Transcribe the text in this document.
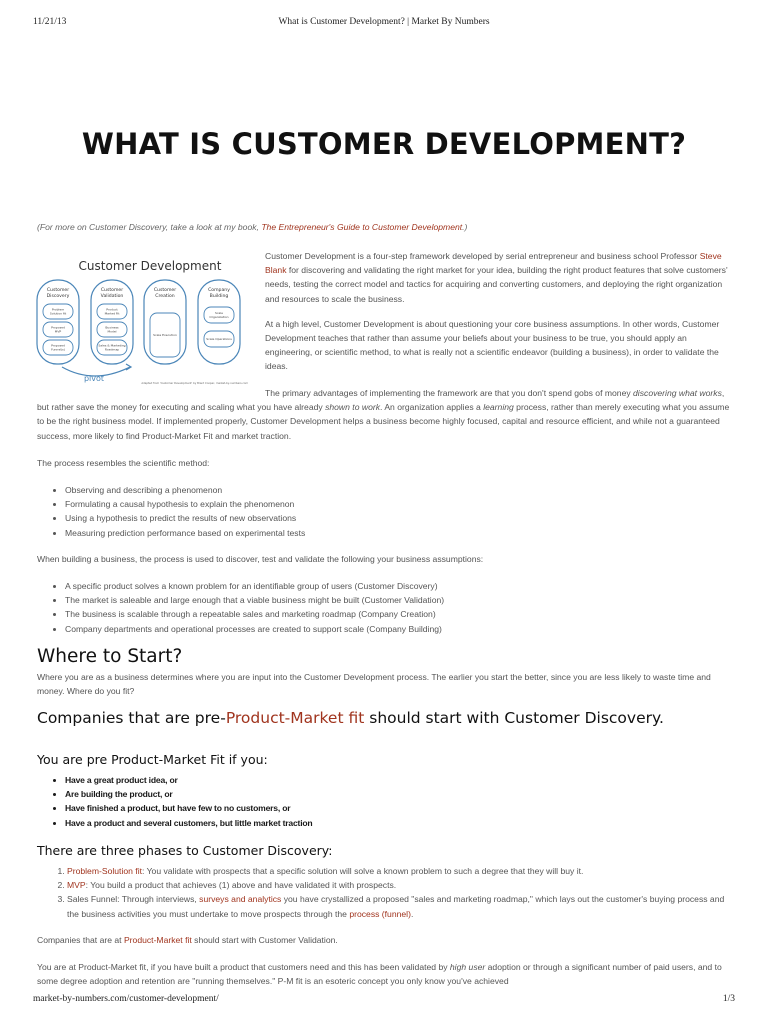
11/21/13	What is Customer Development? | Market By Numbers
WHAT IS CUSTOMER DEVELOPMENT?
(For more on Customer Discovery, take a look at my book, The Entrepreneur's Guide to Customer Development.)
Customer Development
Customer
Discovery
Problem
Solution fit
Proposed
MVP
Proposed
Funnel(s)
Customer
Validation
Product
Market Fit
Business
Model
Sales & Marketing
Roadmap
Customer
Creation
Scale Execution
Company
Building
Scale
Organization
Scale Operations
pivot
Adapted from 'Customer Development' by Brant Cooper, market-by-numbers.com

Customer Development is a four-step framework developed by serial entrepreneur and business school Professor Steve Blank for discovering and validating the right market for your idea, building the right product features that solve customers' needs, testing the correct model and tactics for acquiring and converting customers, and deploying the right organization and resources to scale the business.

At a high level, Customer Development is about questioning your core business assumptions. In other words, Customer Development teaches that rather than assume your beliefs about your business to be true, you should apply an engineering, or scientific method, to what is really not a scientific endeavor (building a business), in order to validate the ideas.

The primary advantages of implementing the framework are that you don't spend gobs of money discovering what works, but rather save the money for executing and scaling what you have already shown to work. An organization applies a learning process, rather than merely executing what you assume to be the right business model. If implemented properly, Customer Development helps a business become highly focused, capital and resource efficient, and while not a guaranteed success, more likely to find Product-Market Fit and market traction.

The process resembles the scientific method:
• Observing and describing a phenomenon
• Formulating a causal hypothesis to explain the phenomenon
• Using a hypothesis to predict the results of new observations
• Measuring prediction performance based on experimental tests
When building a business, the process is used to discover, test and validate the following your business assumptions:
• A specific product solves a known problem for an identifiable group of users (Customer Discovery)
• The market is saleable and large enough that a viable business might be built (Customer Validation)
• The business is scalable through a repeatable sales and marketing roadmap (Company Creation)
• Company departments and operational processes are created to support scale (Company Building)
Where to Start?
Where you are as a business determines where you are input into the Customer Development process. The earlier you start the better, since you are less likely to waste time and money. Where do you fit?
Companies that are pre-Product-Market fit should start with Customer Discovery.
You are pre Product-Market Fit if you:
• Have a great product idea, or
• Are building the product, or
• Have finished a product, but have few to no customers, or
• Have a product and several customers, but little market traction
There are three phases to Customer Discovery:
1. Problem-Solution fit: You validate with prospects that a specific solution will solve a known problem to such a degree that they will buy it.
2. MVP: You build a product that achieves (1) above and have validated it with prospects.
3. Sales Funnel: Through interviews, surveys and analytics you have crystallized a proposed "sales and marketing roadmap," which lays out the customer's buying process and the business activities you must undertake to move prospects through the process (funnel).
Companies that are at Product-Market fit should start with Customer Validation.
You are at Product-Market fit, if you have built a product that customers need and this has been validated by high user adoption or through a significant number of paid users, and to some degree adoption and retention are "running themselves." P-M fit is an esoteric concept you only know you've achieved
market-by-numbers.com/customer-development/	1/3
